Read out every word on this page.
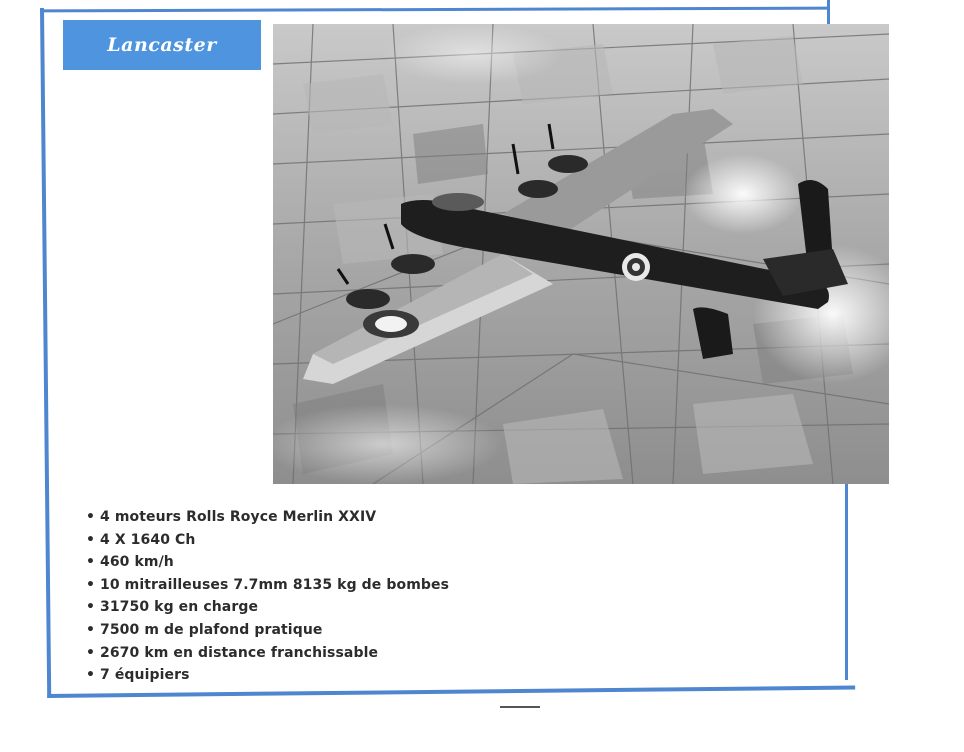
Lancaster
• 4 moteurs Rolls Royce Merlin XXIV
• 4 X 1640 Ch
• 460 km/h
• 10 mitrailleuses 7.7mm 8135 kg de bombes
• 31750 kg en charge
• 7500 m de plafond pratique
• 2670 km en distance franchissable
• 7 équipiers
